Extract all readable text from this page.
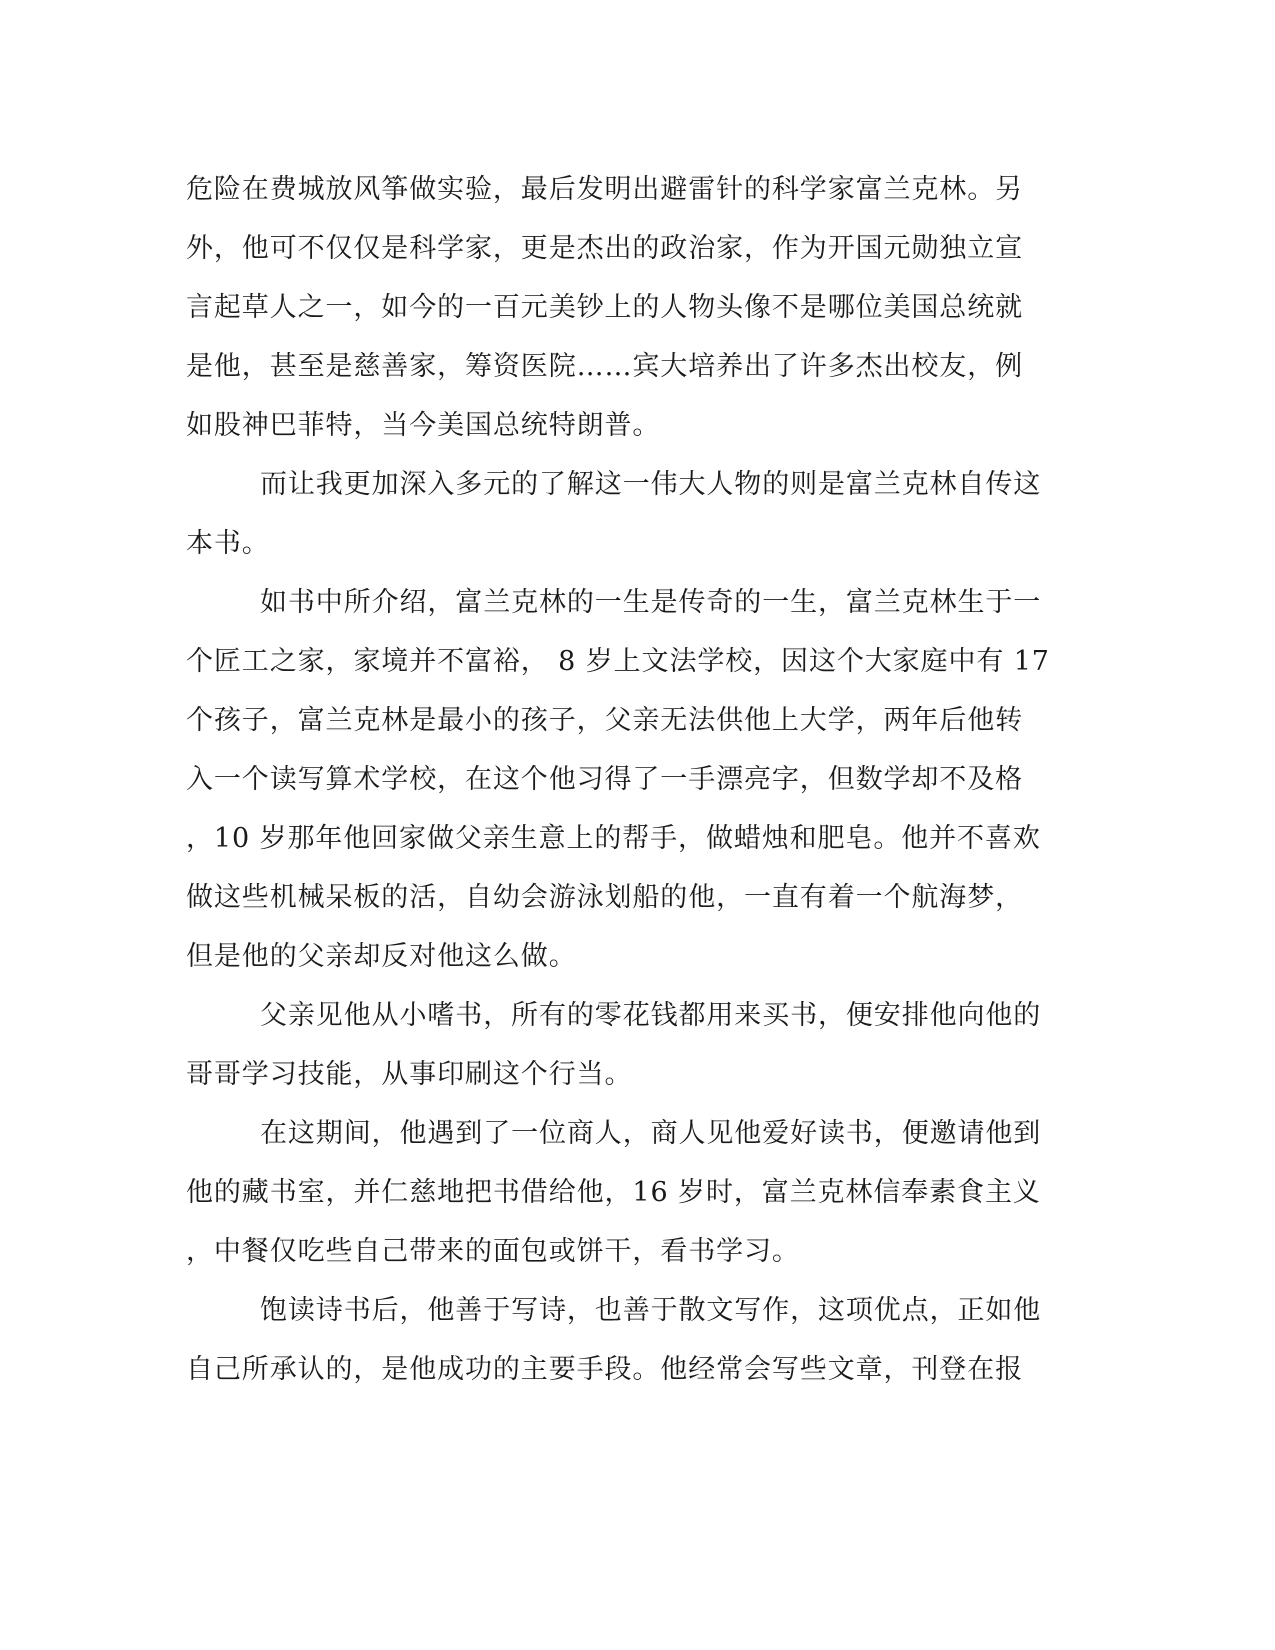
危险在费城放风筝做实验，最后发明出避雷针的科学家富兰克林。另
外，他可不仅仅是科学家，更是杰出的政治家，作为开国元勋独立宣
言起草人之一，如今的一百元美钞上的人物头像不是哪位美国总统就
是他，甚至是慈善家，筹资医院……宾大培养出了许多杰出校友，例
如股神巴菲特，当今美国总统特朗普。
而让我更加深入多元的了解这一伟大人物的则是富兰克林自传这
本书。
如书中所介绍，富兰克林的一生是传奇的一生，富兰克林生于一
个匠工之家，家境并不富裕， 8 岁上文法学校，因这个大家庭中有 17
个孩子，富兰克林是最小的孩子，父亲无法供他上大学，两年后他转
入一个读写算术学校，在这个他习得了一手漂亮字，但数学却不及格
，10 岁那年他回家做父亲生意上的帮手，做蜡烛和肥皂。他并不喜欢
做这些机械呆板的活，自幼会游泳划船的他，一直有着一个航海梦，
但是他的父亲却反对他这么做。
父亲见他从小嗜书，所有的零花钱都用来买书，便安排他向他的
哥哥学习技能，从事印刷这个行当。
在这期间，他遇到了一位商人，商人见他爱好读书，便邀请他到
他的藏书室，并仁慈地把书借给他，16 岁时，富兰克林信奉素食主义
，中餐仅吃些自己带来的面包或饼干，看书学习。
饱读诗书后，他善于写诗，也善于散文写作，这项优点，正如他
自己所承认的，是他成功的主要手段。他经常会写些文章，刊登在报
